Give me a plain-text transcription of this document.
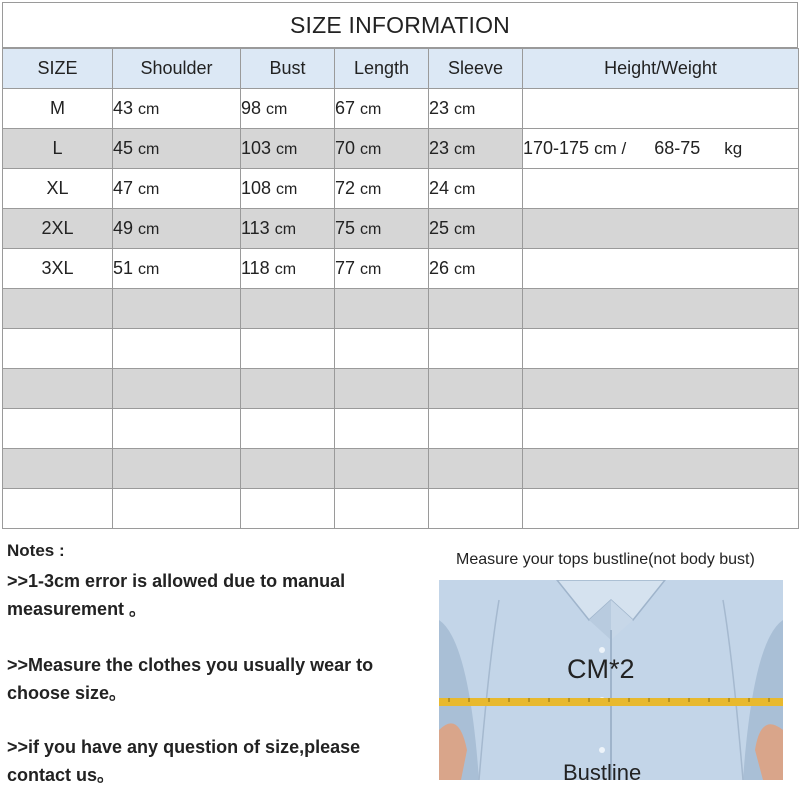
SIZE INFORMATION
SIZE	Shoulder	Bust	Length	Sleeve	Height/Weight
M	43 cm	98 cm	67 cm	23 cm	
L	45 cm	103 cm	70 cm	23 cm	170-175 cm / 68-75 kg
XL	47 cm	108 cm	72 cm	24 cm	
2XL	49 cm	113 cm	75 cm	25 cm	
3XL	51 cm	118 cm	77 cm	26 cm	

Notes :
>>1-3cm error is allowed due to manual measurement 。
>>Measure the clothes you usually wear to choose size。
>>if you have any question of size,please contact us。
Measure your tops bustline(not body bust)
CM*2
Bustline
